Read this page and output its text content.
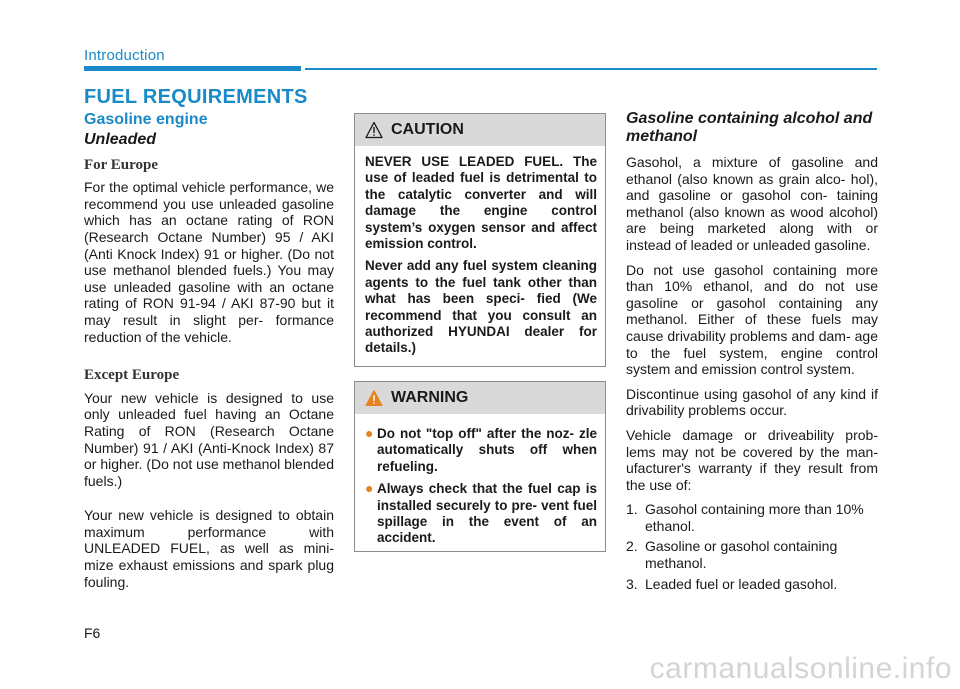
Introduction
FUEL REQUIREMENTS
Gasoline engine
Unleaded
For Europe

For the optimal vehicle performance, we recommend you use unleaded gasoline which has an octane rating of RON (Research Octane Number) 95 / AKI (Anti Knock Index) 91 or higher. (Do not use methanol blended fuels.) You may use unleaded gasoline with an octane rating of RON 91-94 / AKI 87-90 but it may result in slight per- formance reduction of the vehicle.

Except Europe

Your new vehicle is designed to use only unleaded fuel having an Octane Rating of RON (Research Octane Number) 91 / AKI (Anti-Knock Index) 87 or higher. (Do not use methanol blended fuels.)

Your new vehicle is designed to obtain maximum performance with UNLEADED FUEL, as well as mini- mize exhaust emissions and spark plug fouling.

CAUTION

NEVER USE LEADED FUEL. The use of leaded fuel is detrimental to the catalytic converter and will damage the engine control system’s oxygen sensor and affect emission control.

Never add any fuel system cleaning agents to the fuel tank other than what has been speci- fied (We recommend that you consult an authorized HYUNDAI dealer for details.)

WARNING
● Do not "top off" after the noz- zle automatically shuts off when refueling.
● Always check that the fuel cap is installed securely to pre- vent fuel spillage in the event of an accident.
Gasoline containing alcohol and methanol

Gasohol, a mixture of gasoline and ethanol (also known as grain alco- hol), and gasoline or gasohol con- taining methanol (also known as wood alcohol) are being marketed along with or instead of leaded or unleaded gasoline.

Do not use gasohol containing more than 10% ethanol, and do not use gasoline or gasohol containing any methanol. Either of these fuels may cause drivability problems and dam- age to the fuel system, engine control system and emission control system.

Discontinue using gasohol of any kind if drivability problems occur.

Vehicle damage or driveability prob- lems may not be covered by the man- ufacturer's warranty if they result from the use of:

1. Gasohol containing more than 10% ethanol.
2. Gasoline or gasohol containing methanol.
3. Leaded fuel or leaded gasohol.
F6
carmanualsonline.info
